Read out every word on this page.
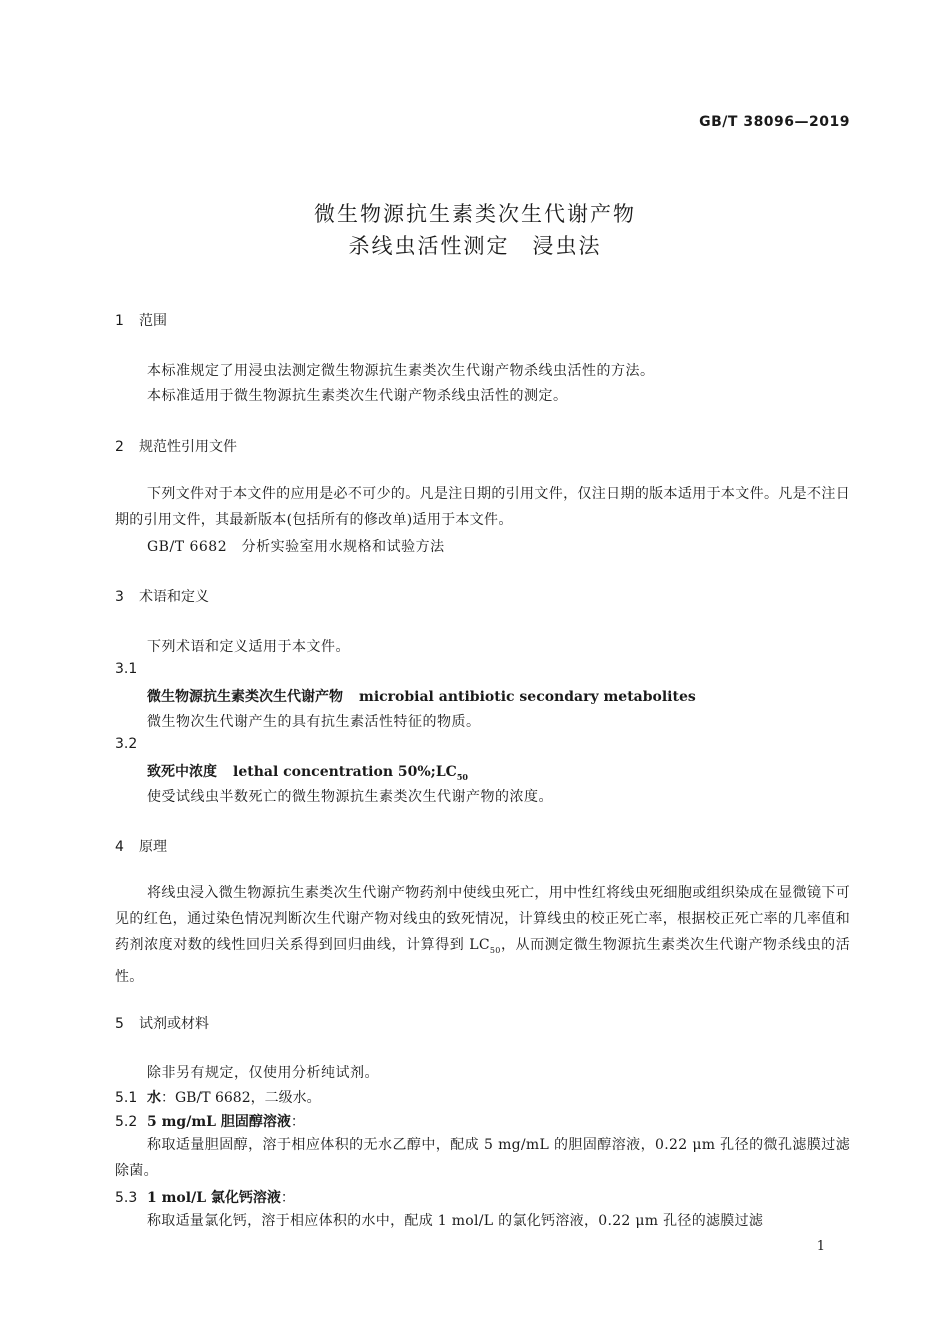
GB/T 38096—2019
微生物源抗生素类次生代谢产物
杀线虫活性测定　浸虫法
1 范围
本标准规定了用浸虫法测定微生物源抗生素类次生代谢产物杀线虫活性的方法。
本标准适用于微生物源抗生素类次生代谢产物杀线虫活性的测定。
2 规范性引用文件
下列文件对于本文件的应用是必不可少的。凡是注日期的引用文件，仅注日期的版本适用于本文件。凡是不注日期的引用文件，其最新版本(包括所有的修改单)适用于本文件。
GB/T 6682　分析实验室用水规格和试验方法
3 术语和定义
下列术语和定义适用于本文件。
3.1
微生物源抗生素类次生代谢产物 microbial antibiotic secondary metabolites
微生物次生代谢产生的具有抗生素活性特征的物质。
3.2
致死中浓度 lethal concentration $50\%;LC_{50}$
使受试线虫半数死亡的微生物源抗生素类次生代谢产物的浓度。
4 原理
将线虫浸入微生物源抗生素类次生代谢产物药剂中使线虫死亡，用中性红将线虫死细胞或组织染成在显微镜下可见的红色，通过染色情况判断次生代谢产物对线虫的致死情况，计算线虫的校正死亡率，根据校正死亡率的几率值和药剂浓度对数的线性回归关系得到回归曲线，计算得到 $LC_{50}$，从而测定微生物源抗生素类次生代谢产物杀线虫的活性。
5 试剂或材料
除非另有规定，仅使用分析纯试剂。
5.1 水：GB/T 6682，二级水。
5.2 5 mg/mL 胆固醇溶液：
称取适量胆固醇，溶于相应体积的无水乙醇中，配成 5 mg/mL 的胆固醇溶液，0.22 μm 孔径的微孔滤膜过滤除菌。
5.3 1 mol/L 氯化钙溶液：
称取适量氯化钙，溶于相应体积的水中，配成 1 mol/L 的氯化钙溶液，0.22 μm 孔径的滤膜过滤
1
